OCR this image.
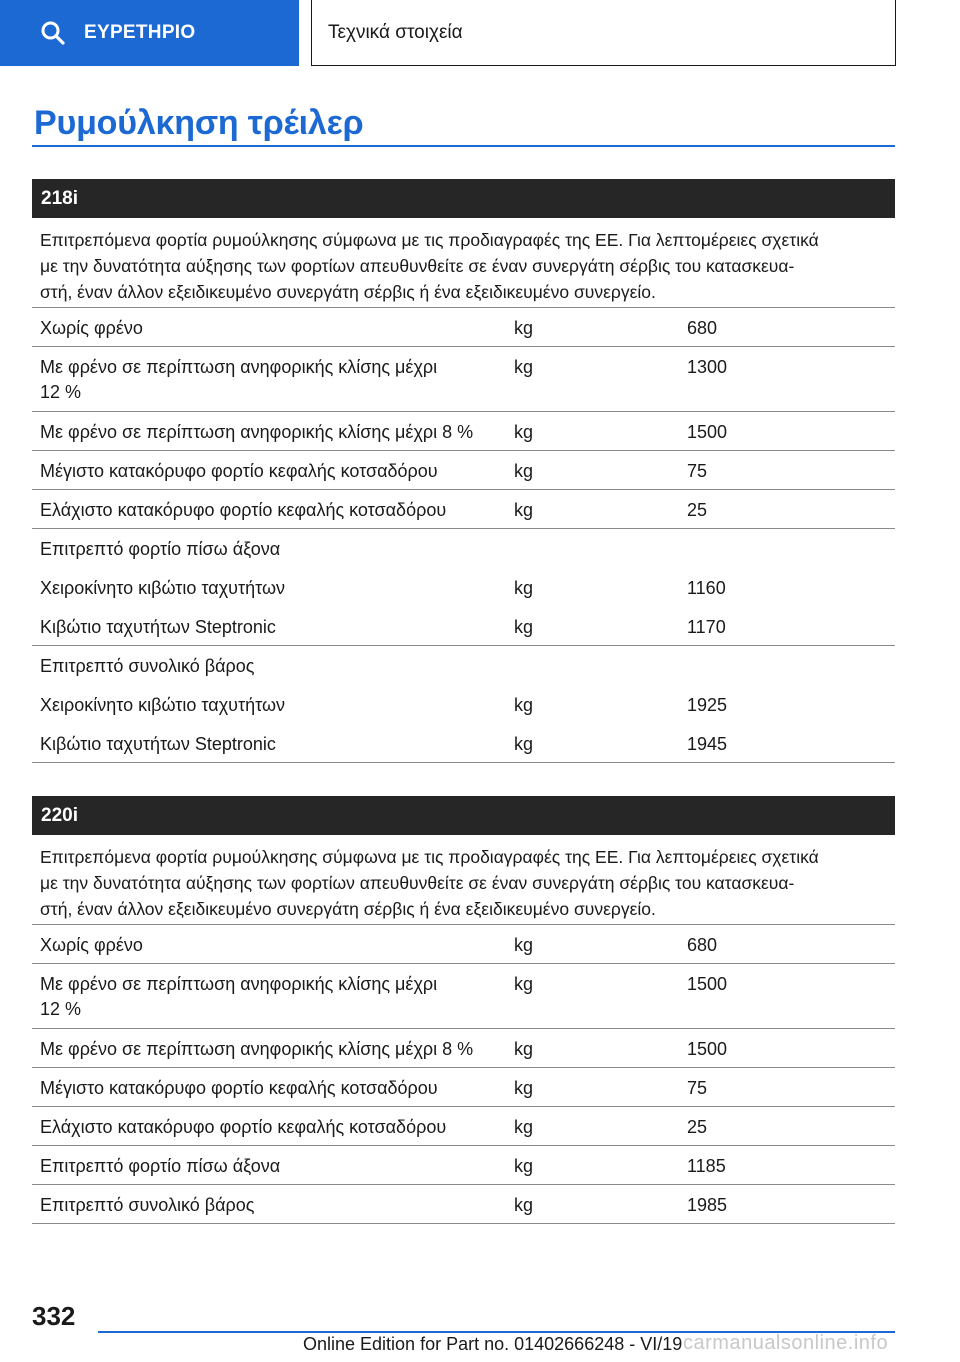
ΕΥΡΕΤΗΡΙΟ	Τεχνικά στοιχεία
Ρυμούλκηση τρέιλερ
218i
Επιτρεπόμενα φορτία ρυμούλκησης σύμφωνα με τις προδιαγραφές της ΕΕ. Για λεπτομέρειες σχετικά
με την δυνατότητα αύξησης των φορτίων απευθυνθείτε σε έναν συνεργάτη σέρβις του κατασκευα-
στή, έναν άλλον εξειδικευμένο συνεργάτη σέρβις ή ένα εξειδικευμένο συνεργείο.
Χωρίς φρένο	kg	680
Με φρένο σε περίπτωση ανηφορικής κλίσης μέχρι
12 %
kg	1300
Με φρένο σε περίπτωση ανηφορικής κλίσης μέχρι 8 %	kg	1500
Μέγιστο κατακόρυφο φορτίο κεφαλής κοτσαδόρου	kg	75
Ελάχιστο κατακόρυφο φορτίο κεφαλής κοτσαδόρου	kg	25
Επιτρεπτό φορτίο πίσω άξονα
Χειροκίνητο κιβώτιο ταχυτήτων	kg	1160
Κιβώτιο ταχυτήτων Steptronic	kg	1170
Επιτρεπτό συνολικό βάρος
Χειροκίνητο κιβώτιο ταχυτήτων	kg	1925
Κιβώτιο ταχυτήτων Steptronic	kg	1945
220i
Επιτρεπόμενα φορτία ρυμούλκησης σύμφωνα με τις προδιαγραφές της ΕΕ. Για λεπτομέρειες σχετικά
με την δυνατότητα αύξησης των φορτίων απευθυνθείτε σε έναν συνεργάτη σέρβις του κατασκευα-
στή, έναν άλλον εξειδικευμένο συνεργάτη σέρβις ή ένα εξειδικευμένο συνεργείο.
Χωρίς φρένο	kg	680
Με φρένο σε περίπτωση ανηφορικής κλίσης μέχρι
12 %
kg	1500
Με φρένο σε περίπτωση ανηφορικής κλίσης μέχρι 8 %	kg	1500
Μέγιστο κατακόρυφο φορτίο κεφαλής κοτσαδόρου	kg	75
Ελάχιστο κατακόρυφο φορτίο κεφαλής κοτσαδόρου	kg	25
Επιτρεπτό φορτίο πίσω άξονα	kg	1185
Επιτρεπτό συνολικό βάρος	kg	1985
332
Online Edition for Part no. 01402666248 - VI/19 carmanualsonline.info
